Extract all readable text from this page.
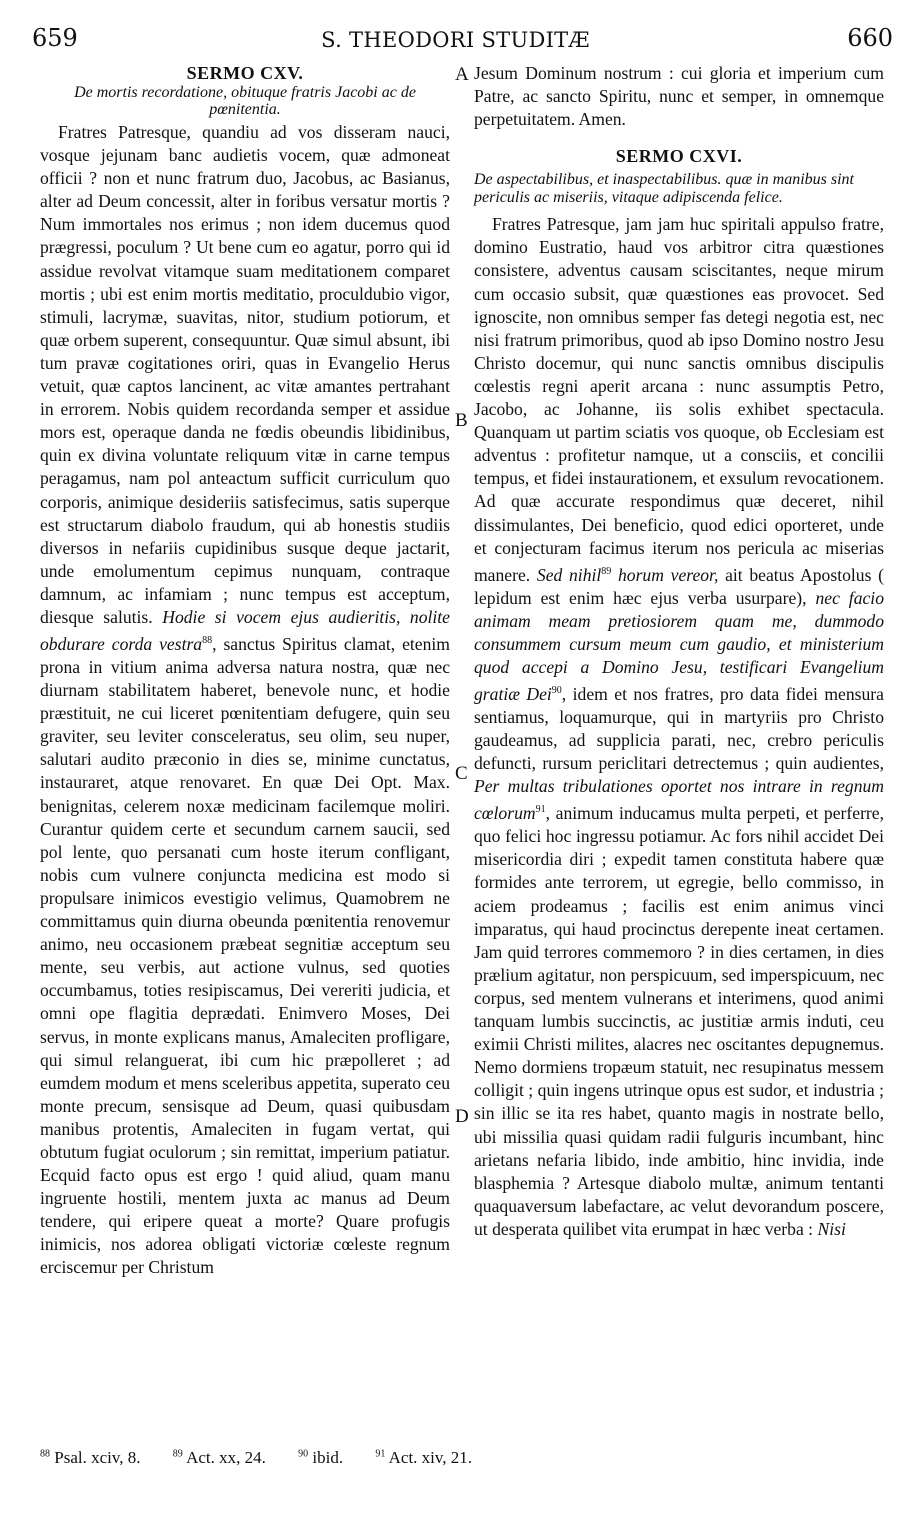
659	S. THEODORI STUDITÆ	660

SERMO CXV.

De mortis recordatione, obituque fratris Jacobi ac de pœnitentia.

Fratres Patresque, quandiu ad vos disseram nauci, vosque jejunam banc audietis vocem, quæ admoneat officii ? non et nunc fratrum duo, Jacobus, ac Basianus, alter ad Deum concessit, alter in foribus versatur mortis ? Num immortales nos erimus ; non idem ducemus quod prægressi, poculum ? Ut bene cum eo agatur, porro qui id assidue revolvat vitamque suam meditationem comparet mortis ; ubi est enim mortis meditatio, proculdubio vigor, stimuli, lacrymæ, suavitas, nitor, studium potiorum, et quæ orbem superent, consequuntur. Quæ simul absunt, ibi tum pravæ cogitationes oriri, quas in Evangelio Herus vetuit, quæ captos lancinent, ac vitæ amantes pertrahant in errorem. Nobis quidem recordanda semper et assidue mors est, operaque danda ne fœdis obeundis libidinibus, quin ex divina voluntate reliquum vitæ in carne tempus peragamus, nam pol anteactum sufficit curriculum quo corporis, animique desideriis satisfecimus, satis superque est structarum diabolo fraudum, qui ab honestis studiis diversos in nefariis cupidinibus susque deque jactarit, unde emolumentum cepimus nunquam, contraque damnum, ac infamiam ; nunc tempus est acceptum, diesque salutis. Hodie si vocem ejus audieritis, nolite obdurare corda vestra$^{88}$, sanctus Spiritus clamat, etenim prona in vitium anima adversa natura nostra, quæ nec diurnam stabilitatem haberet, benevole nunc, et hodie præstituit, ne cui liceret pœnitentiam defugere, quin seu graviter, seu leviter consceleratus, seu olim, seu nuper, salutari audito præconio in dies se, minime cunctatus, instauraret, atque renovaret. En quæ Dei Opt. Max. benignitas, celerem noxæ medicinam facilemque moliri. Curantur quidem certe et secundum carnem saucii, sed pol lente, quo persanati cum hoste iterum confligant, nobis cum vulnere conjuncta medicina est modo si propulsare inimicos evestigio velimus, Quamobrem ne committamus quin diurna obeunda pœnitentia renovemur animo, neu occasionem præbeat segnitiæ acceptum seu mente, seu verbis, aut actione vulnus, sed quoties occumbamus, toties resipiscamus, Dei vereriti judicia, et omni ope flagitia deprædati. Enimvero Moses, Dei servus, in monte explicans manus, Amaleciten profligare, qui simul relanguerat, ibi cum hic præpolleret ; ad eumdem modum et mens sceleribus appetita, superato ceu monte precum, sensisque ad Deum, quasi quibusdam manibus protentis, Amaleciten in fugam vertat, qui obtutum fugiat oculorum ; sin remittat, imperium patiatur. Ecquid facto opus est ergo ! quid aliud, quam manu ingruente hostili, mentem juxta ac manus ad Deum tendere, qui eripere queat a morte? Quare profugis inimicis, nos adorea obligati victoriæ cœleste regnum erciscemur per Christum

Jesum Dominum nostrum : cui gloria et imperium cum Patre, ac sancto Spiritu, nunc et semper, in omnemque perpetuitatem. Amen.

SERMO CXVI.

De aspectabilibus, et inaspectabilibus. quæ in manibus sint periculis ac miseriis, vitaque adipiscenda felice.

Fratres Patresque, jam jam huc spiritali appulso fratre, domino Eustratio, haud vos arbitror citra quæstiones consistere, adventus causam sciscitantes, neque mirum cum occasio subsit, quæ quæstiones eas provocet. Sed ignoscite, non omnibus semper fas detegi negotia est, nec nisi fratrum primoribus, quod ab ipso Domino nostro Jesu Christo docemur, qui nunc sanctis omnibus discipulis cœlestis regni aperit arcana : nunc assumptis Petro, Jacobo, ac Johanne, iis solis exhibet spectacula. Quanquam ut partim sciatis vos quoque, ob Ecclesiam est adventus : profitetur namque, ut a consciis, et concilii tempus, et fidei instaurationem, et exsulum revocationem. Ad quæ accurate respondimus quæ deceret, nihil dissimulantes, Dei beneficio, quod edici oporteret, unde et conjecturam facimus iterum nos pericula ac miserias manere. Sed nihil$^{89}$ horum vereor, ait beatus Apostolus ( lepidum est enim hæc ejus verba usurpare), nec facio animam meam pretiosiorem quam me, dummodo consummem cursum meum cum gaudio, et ministerium quod accepi a Domino Jesu, testificari Evangelium gratiæ Dei$^{90}$, idem et nos fratres, pro data fidei mensura sentiamus, loquamurque, qui in martyriis pro Christo gaudeamus, ad supplicia parati, nec, crebro periculis defuncti, rursum periclitari detrectemus ; quin audientes, Per multas tribulationes oportet nos intrare in regnum cœlorum$^{91}$, animum inducamus multa perpeti, et perferre, quo felici hoc ingressu potiamur. Ac fors nihil accidet Dei misericordia diri ; expedit tamen constituta habere quæ formides ante terrorem, ut egregie, bello commisso, in aciem prodeamus ; facilis est enim animus vinci imparatus, qui haud procinctus derepente ineat certamen. Jam quid terrores commemoro ? in dies certamen, in dies prælium agitatur, non perspicuum, sed imperspicuum, nec corpus, sed mentem vulnerans et interimens, quod animi tanquam lumbis succinctis, ac justitiæ armis induti, ceu eximii Christi milites, alacres nec oscitantes depugnemus. Nemo dormiens tropæum statuit, nec resupinatus messem colligit ; quin ingens utrinque opus est sudor, et industria ; sin illic se ita res habet, quanto magis in nostrate bello, ubi missilia quasi quidam radii fulguris incumbant, hinc arietans nefaria libido, inde ambitio, hinc invidia, inde blasphemia ? Artesque diabolo multæ, animum tentanti quaquaversum labefactare, ac velut devorandum poscere, ut desperata quilibet vita erumpat in hæc verba : Nisi

A
B
C
D
$^{88}$ Psal. xciv, 8.	$^{89}$ Act. xx, 24.	$^{90}$ ibid.	$^{91}$ Act. xiv, 21.
